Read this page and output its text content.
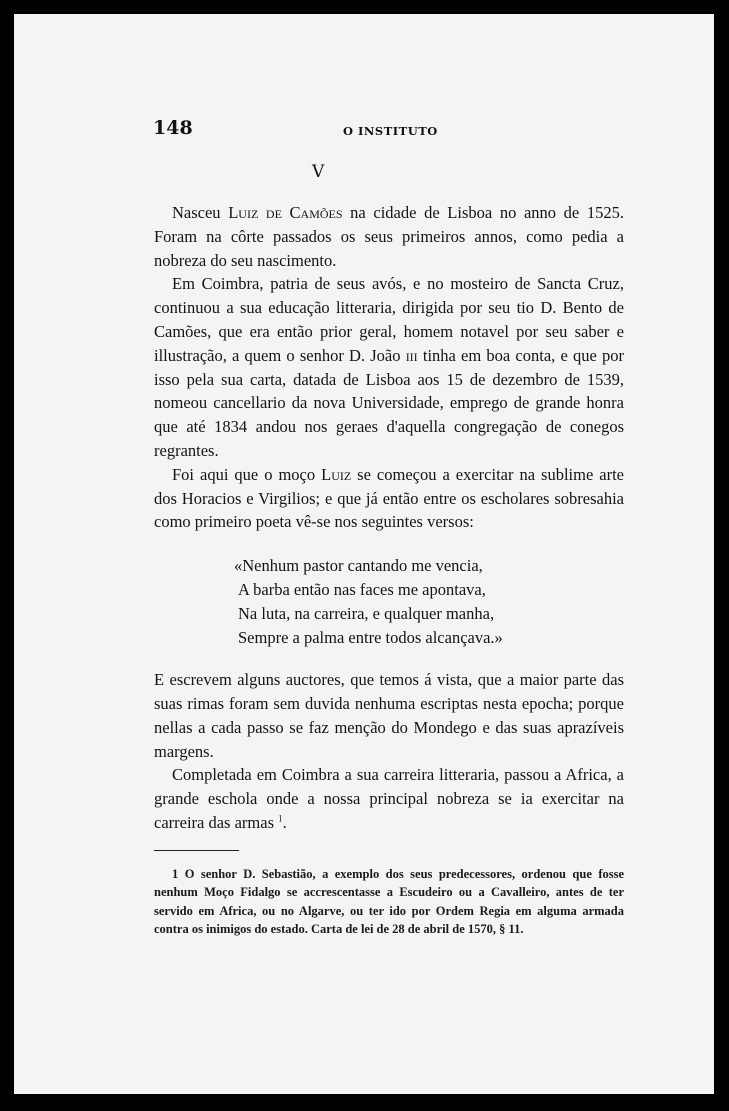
148	O INSTITUTO
V

Nasceu Luiz de Camões na cidade de Lisboa no anno de 1525. Foram na côrte passados os seus primeiros annos, como pedia a nobreza do seu nascimento.

Em Coimbra, patria de seus avós, e no mosteiro de Sancta Cruz, continuou a sua educação litteraria, dirigida por seu tio D. Bento de Camões, que era então prior geral, homem notavel por seu saber e illustração, a quem o senhor D. João iii tinha em boa conta, e que por isso pela sua carta, datada de Lisboa aos 15 de dezembro de 1539, nomeou cancellario da nova Universidade, emprego de grande honra que até 1834 andou nos geraes d'aquella congregação de conegos regrantes.

Foi aqui que o moço Luiz se começou a exercitar na sublime arte dos Horacios e Virgilios; e que já então entre os escholares sobresahia como primeiro poeta vê-se nos seguintes versos:

«Nenhum pastor cantando me vencia,
A barba então nas faces me apontava,
Na luta, na carreira, e qualquer manha,
Sempre a palma entre todos alcançava.»

E escrevem alguns auctores, que temos á vista, que a maior parte das suas rimas foram sem duvida nenhuma escriptas nesta epocha; porque nellas a cada passo se faz menção do Mondego e das suas aprazíveis margens.

Completada em Coimbra a sua carreira litteraria, passou a Africa, a grande eschola onde a nossa principal nobreza se ia exercitar na carreira das armas $^1$.

1 O senhor D. Sebastião, a exemplo dos seus predecessores, ordenou que fosse nenhum Moço Fidalgo se accrescentasse a Escudeiro ou a Cavalleiro, antes de ter servido em Africa, ou no Algarve, ou ter ido por Ordem Regia em alguma armada contra os inimigos do estado. Carta de lei de 28 de abril de 1570, § 11.
